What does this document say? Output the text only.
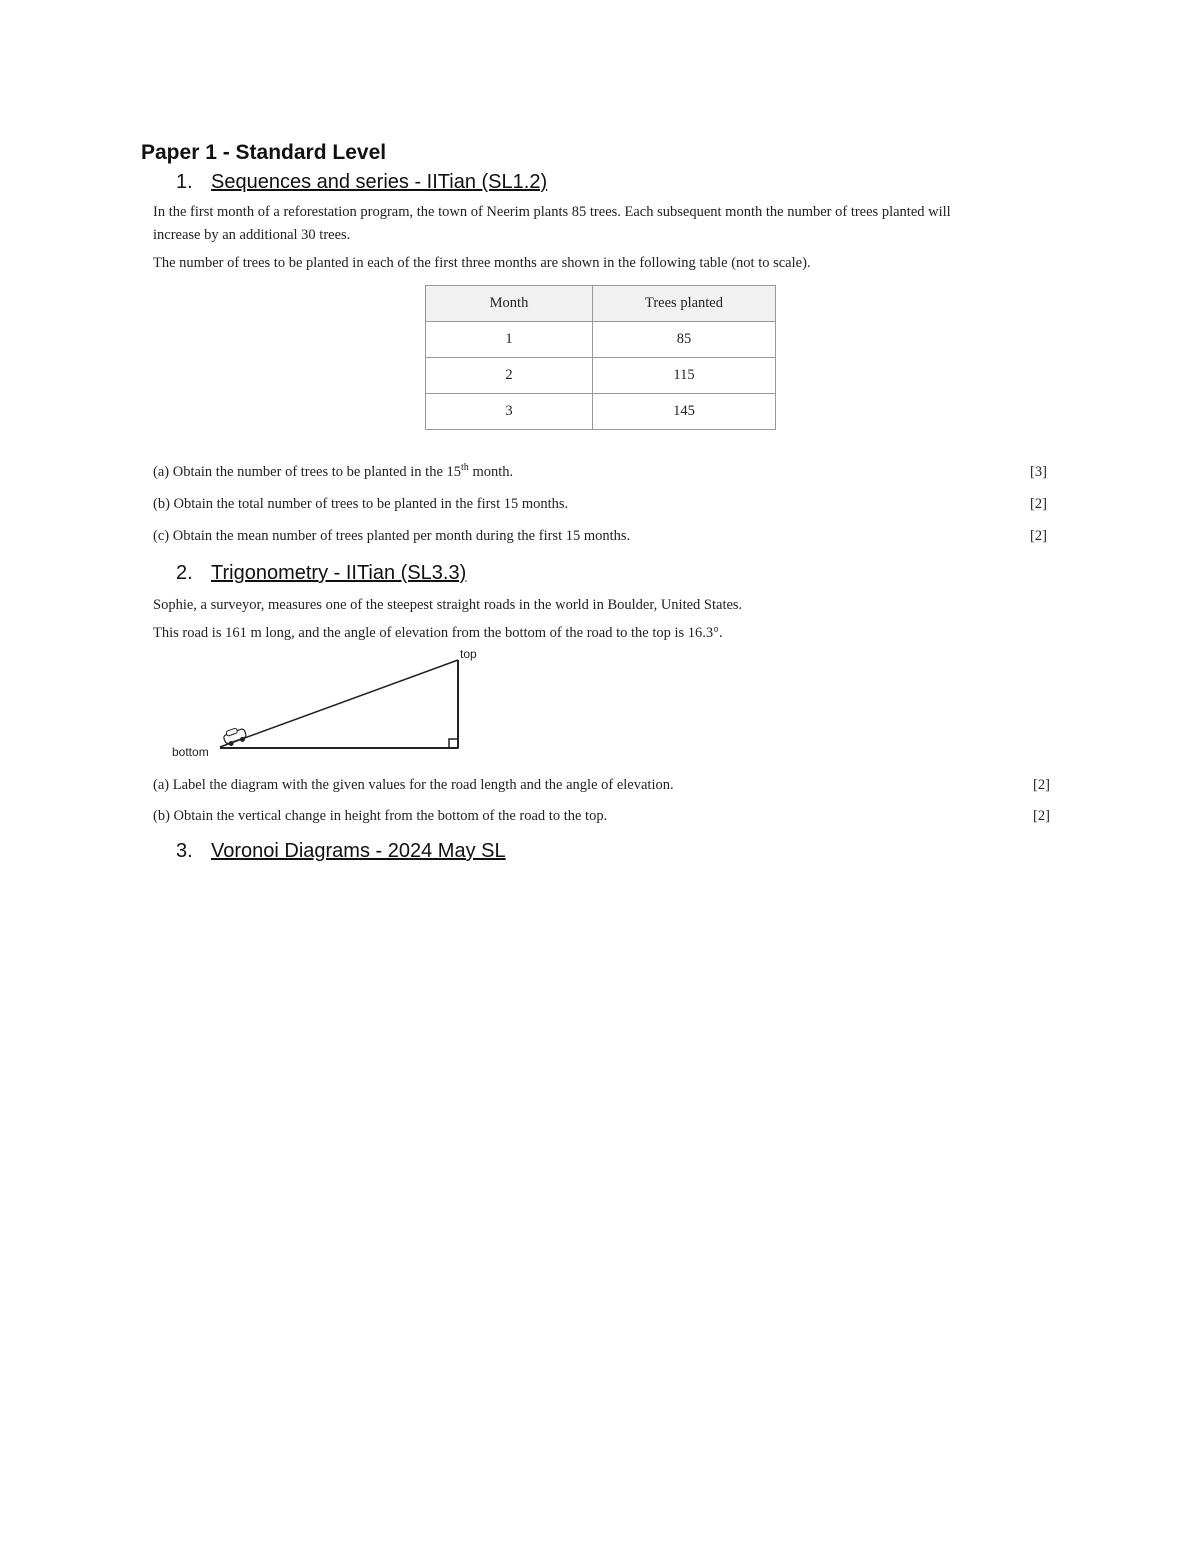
Paper 1 - Standard Level
1. Sequences and series - IITian (SL1.2)
In the first month of a reforestation program, the town of Neerim plants 85 trees. Each subsequent month the number of trees planted will
increase by an additional 30 trees.
The number of trees to be planted in each of the first three months are shown in the following table (not to scale).
Month	Trees planted
1	85
2	115
3	145
(a) Obtain the number of trees to be planted in the 15th month.	[3]
(b) Obtain the total number of trees to be planted in the first 15 months.	[2]
(c) Obtain the mean number of trees planted per month during the first 15 months.	[2]
2. Trigonometry - IITian (SL3.3)
Sophie, a surveyor, measures one of the steepest straight roads in the world in Boulder, United States.
This road is 161 m long, and the angle of elevation from the bottom of the road to the top is 16.3°.
top
bottom
(a) Label the diagram with the given values for the road length and the angle of elevation.	[2]
(b) Obtain the vertical change in height from the bottom of the road to the top.	[2]
3. Voronoi Diagrams - 2024 May SL
